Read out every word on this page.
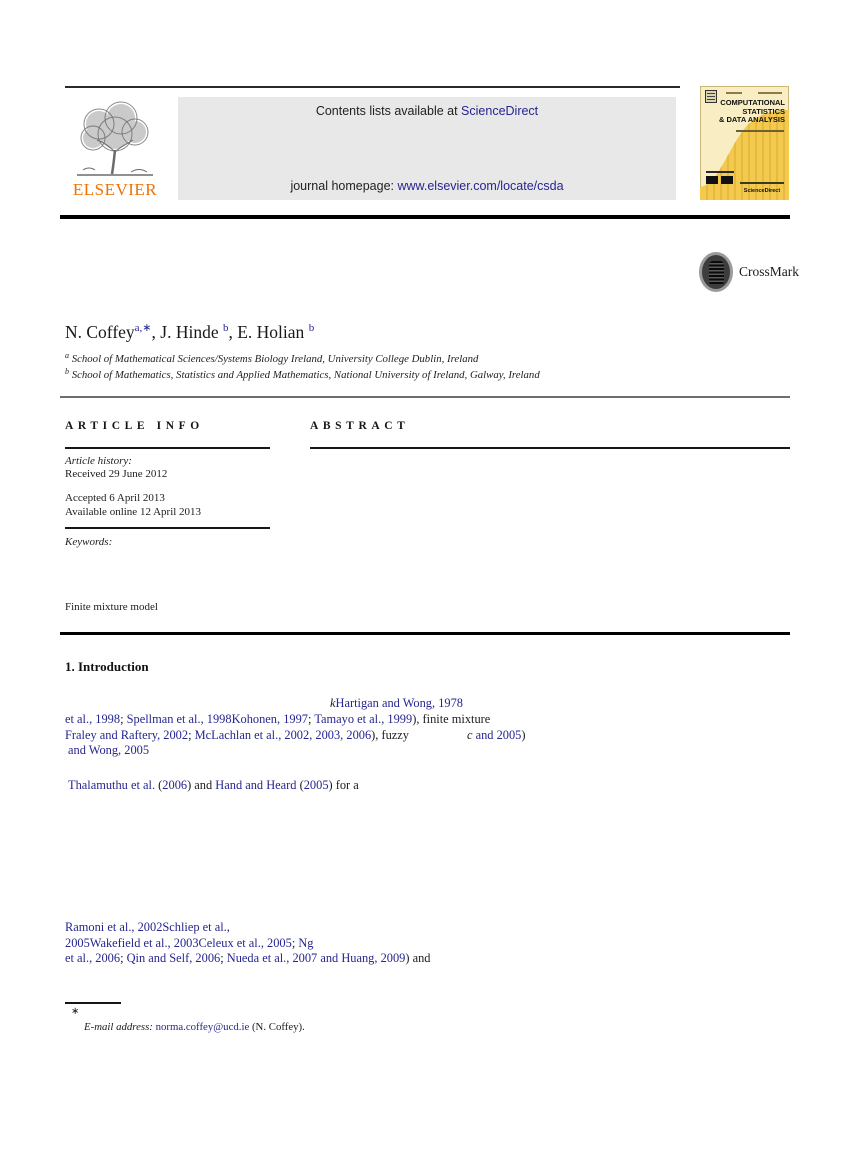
ELSEVIER
Contents lists available at ScienceDirect
journal homepage: www.elsevier.com/locate/csda
COMPUTATIONAL
STATISTICS
& DATA ANALYSIS
ScienceDirect
CrossMark
N. Coffey$^{a,∗}$, J. Hinde $^b$, E. Holian $^b$
$^a$ School of Mathematical Sciences/Systems Biology Ireland, University College Dublin, Ireland
$^b$ School of Mathematics, Statistics and Applied Mathematics, National University of Ireland, Galway, Ireland
ARTICLE INFO	ABSTRACT
Article history:
Received 29 June 2012
Accepted 6 April 2013
Available online 12 April 2013
Keywords:
Finite mixture model
1. Introduction
kHartigan and Wong, 1978
et al., 1998; Spellman et al., 1998Kohonen, 1997; Tamayo et al., 1999), finite mixture
Fraley and Raftery, 2002; McLachlan et al., 2002, 2003, 2006), fuzzy	c and 2005)
and Wong, 2005
Thalamuthu et al. (2006) and Hand and Heard (2005) for a
Ramoni et al., 2002Schliep et al.,
2005Wakefield et al., 2003Celeux et al., 2005; Ng
et al., 2006; Qin and Self, 2006; Nueda et al., 2007 and Huang, 2009) and
∗
E-mail address: norma.coffey@ucd.ie (N. Coffey).
